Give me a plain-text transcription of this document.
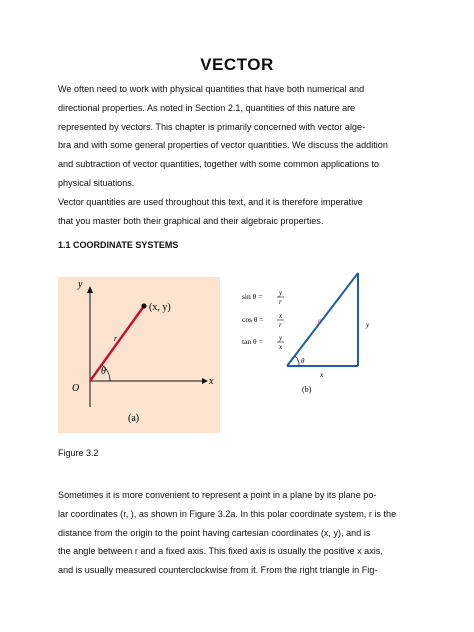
VECTOR
We often need to work with physical quantities that have both numerical and
directional properties. As noted in Section 2.1, quantities of this nature are
represented by vectors. This chapter is primarily concerned with vector alge-
bra and with some general properties of vector quantities. We discuss the addition
and subtraction of vector quantities, together with some common applications to
physical situations.
Vector quantities are used throughout this text, and it is therefore imperative
that you master both their graphical and their algebraic properties.
1.1 COORDINATE SYSTEMS
y
x
O
(x, y)
r
θ
(a)
sin θ = y
r
cos θ = x
r
tan θ = y
x
θ
r	y
x
(b)
Figure 3.2
Sometimes it is more convenient to represent a point in a plane by its plane po-
lar coordinates (r, ), as shown in Figure 3.2a. In this polar coordinate system, r is the
distance from the origin to the point having cartesian coordinates (x, y), and is
the angle between r and a fixed axis. This fixed axis is usually the positive x axis,
and is usually measured counterclockwise from it. From the right triangle in Fig-
